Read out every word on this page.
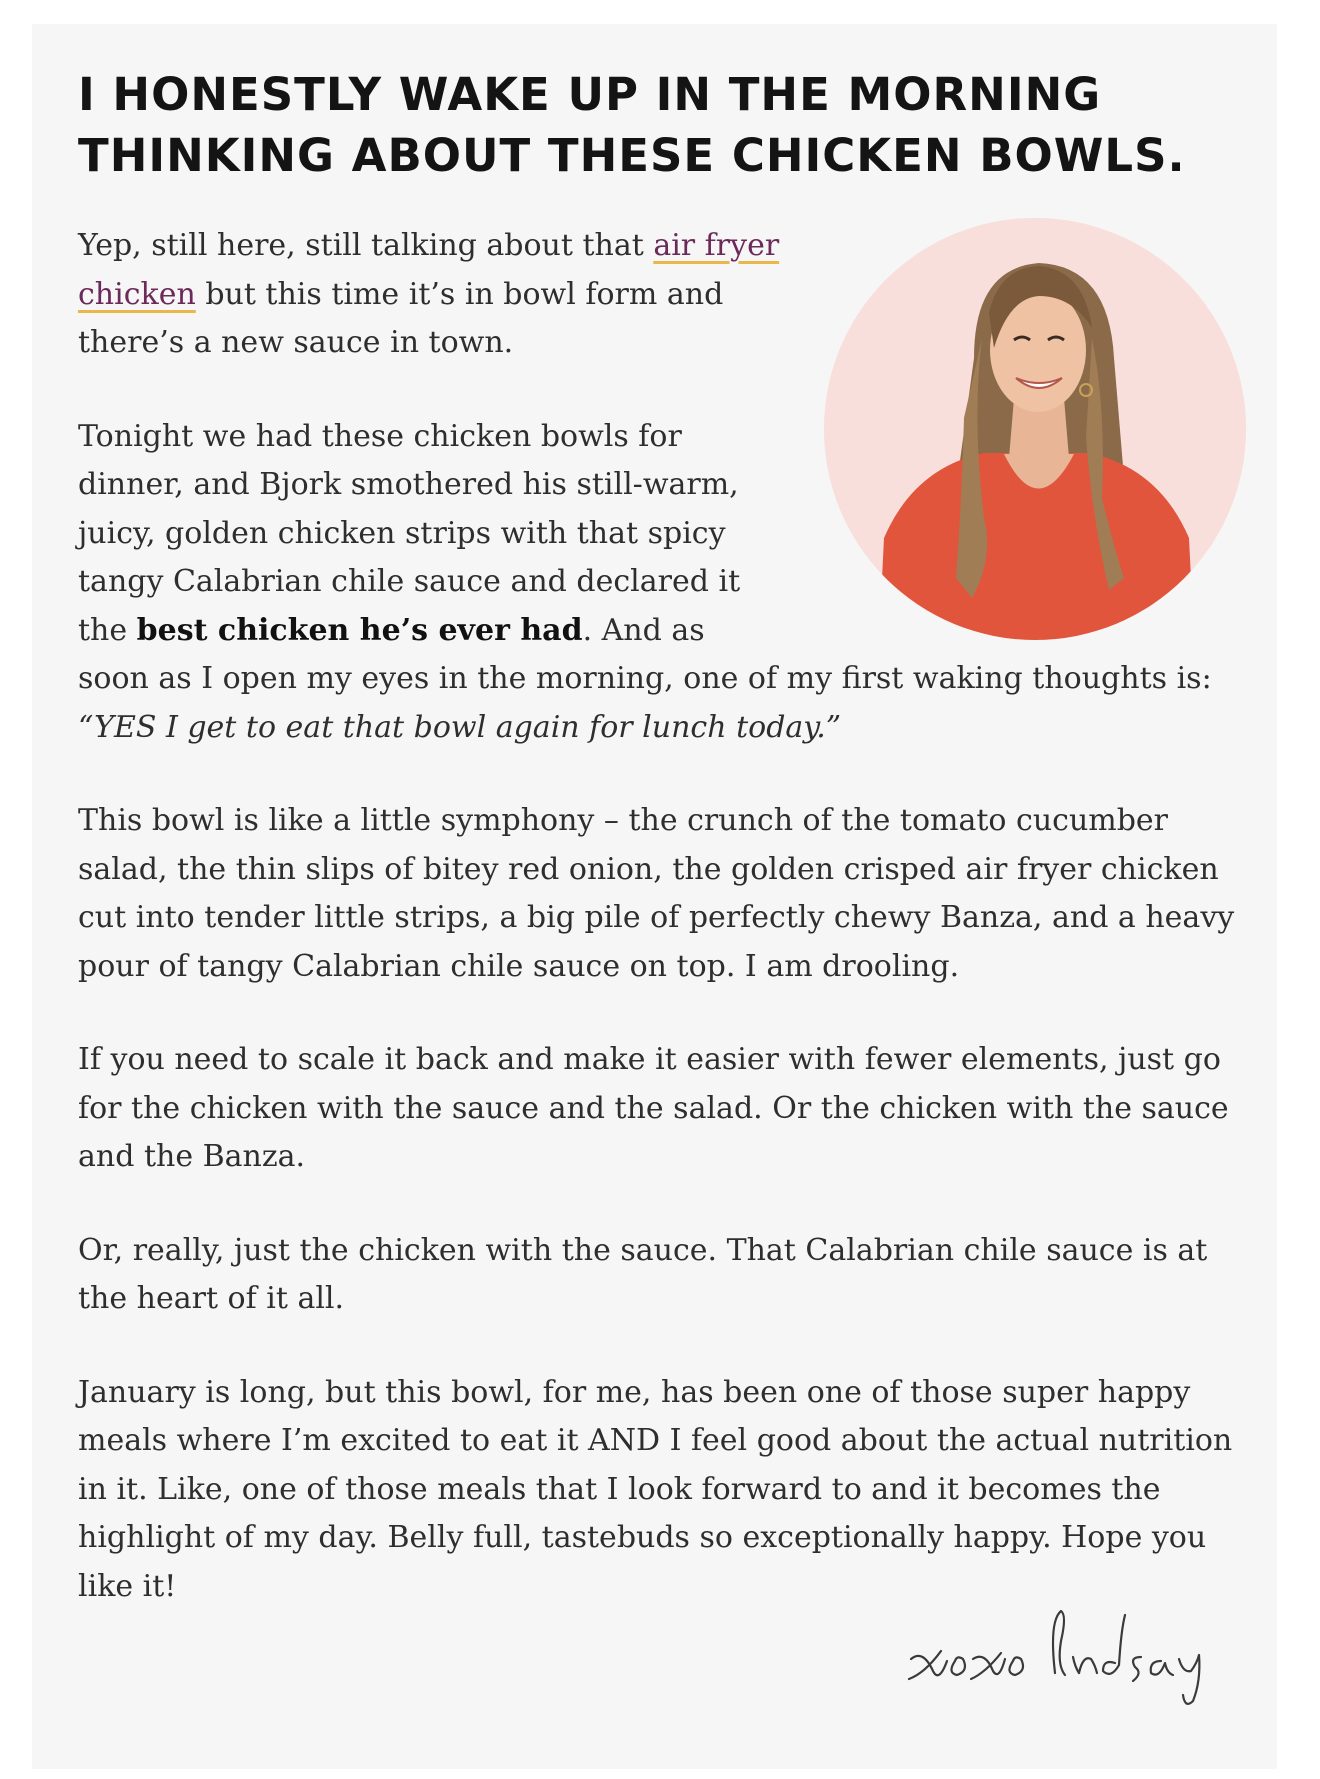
I HONESTLY WAKE UP IN THE MORNING THINKING ABOUT THESE CHICKEN BOWLS.

Yep, still here, still talking about that air fryer chicken but this time it’s in bowl form and there’s a new sauce in town.

Tonight we had these chicken bowls for dinner, and Bjork smothered his still-warm, juicy, golden chicken strips with that spicy tangy Calabrian chile sauce and declared it the best chicken he’s ever had. And as soon as I open my eyes in the morning, one of my first waking thoughts is: “YES I get to eat that bowl again for lunch today.”

This bowl is like a little symphony – the crunch of the tomato cucumber salad, the thin slips of bitey red onion, the golden crisped air fryer chicken cut into tender little strips, a big pile of perfectly chewy Banza, and a heavy pour of tangy Calabrian chile sauce on top. I am drooling.

If you need to scale it back and make it easier with fewer elements, just go for the chicken with the sauce and the salad. Or the chicken with the sauce and the Banza.

Or, really, just the chicken with the sauce. That Calabrian chile sauce is at the heart of it all.

January is long, but this bowl, for me, has been one of those super happy meals where I’m excited to eat it AND I feel good about the actual nutrition in it. Like, one of those meals that I look forward to and it becomes the highlight of my day. Belly full, tastebuds so exceptionally happy. Hope you like it!
